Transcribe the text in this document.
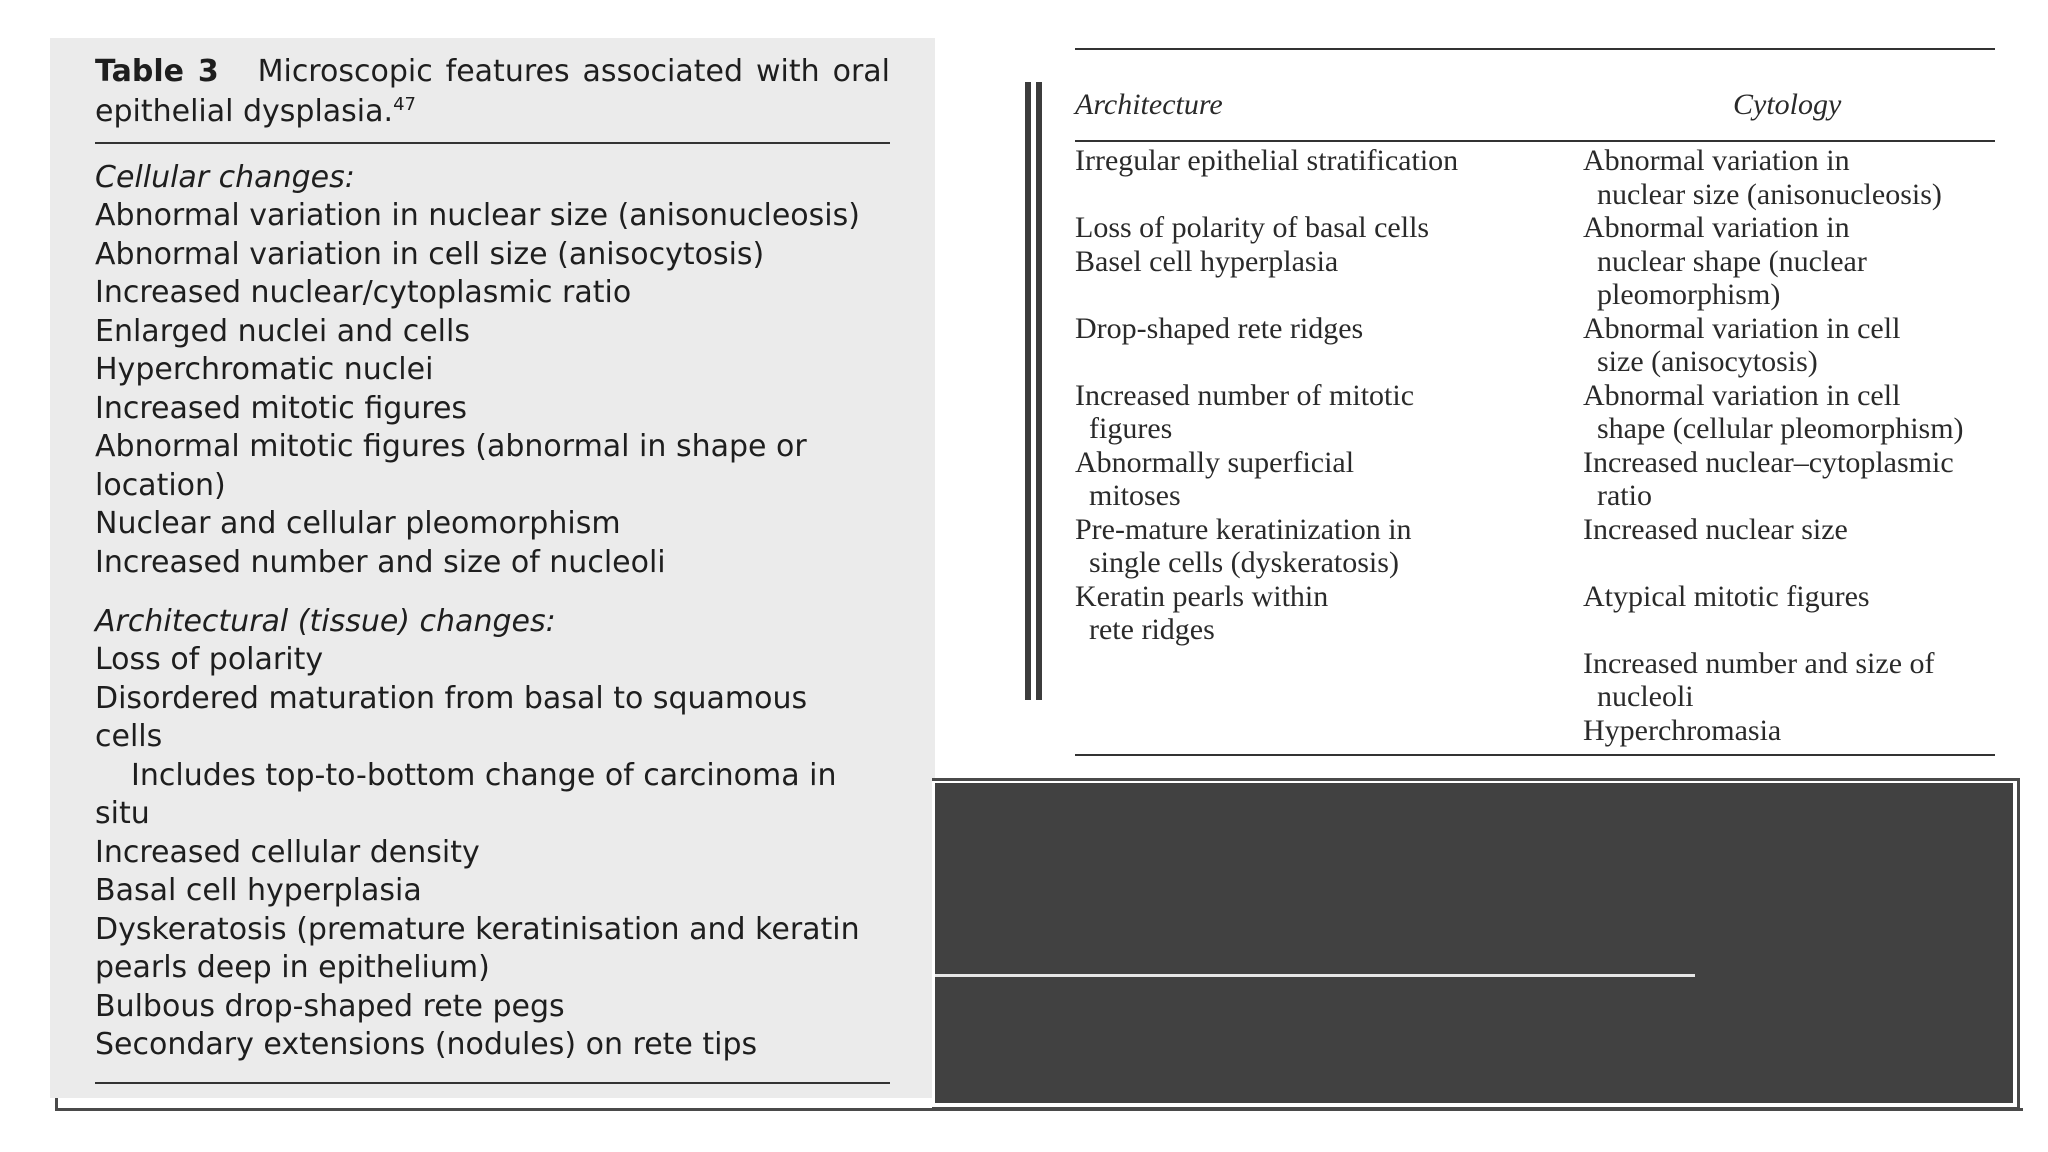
Table 3 Microscopic features associated with oral epithelial dysplasia.$^{47}$

Cellular changes:

Abnormal variation in nuclear size (anisonucleosis)
Abnormal variation in cell size (anisocytosis)
Increased nuclear/cytoplasmic ratio
Enlarged nuclei and cells
Hyperchromatic nuclei
Increased mitotic figures
Abnormal mitotic figures (abnormal in shape or
location)
Nuclear and cellular pleomorphism
Increased number and size of nucleoli

Architectural (tissue) changes:

Loss of polarity
Disordered maturation from basal to squamous
cells
Includes top-to-bottom change of carcinoma in
situ
Increased cellular density
Basal cell hyperplasia
Dyskeratosis (premature keratinisation and keratin
pearls deep in epithelium)
Bulbous drop-shaped rete pegs
Secondary extensions (nodules) on rete tips
Architecture	Cytology

Irregular epithelial stratification

Loss of polarity of basal cells

Basel cell hyperplasia

Drop-shaped rete ridges

Increased number of mitotic
figures

Abnormally superficial
mitoses

Pre-mature keratinization in
single cells (dyskeratosis)

Keratin pearls within
rete ridges

Abnormal variation in
nuclear size (anisonucleosis)

Abnormal variation in
nuclear shape (nuclear pleomorphism)

Abnormal variation in cell
size (anisocytosis)

Abnormal variation in cell
shape (cellular pleomorphism)

Increased nuclear–cytoplasmic
ratio

Increased nuclear size

Atypical mitotic figures

Increased number and size of
nucleoli

Hyperchromasia
